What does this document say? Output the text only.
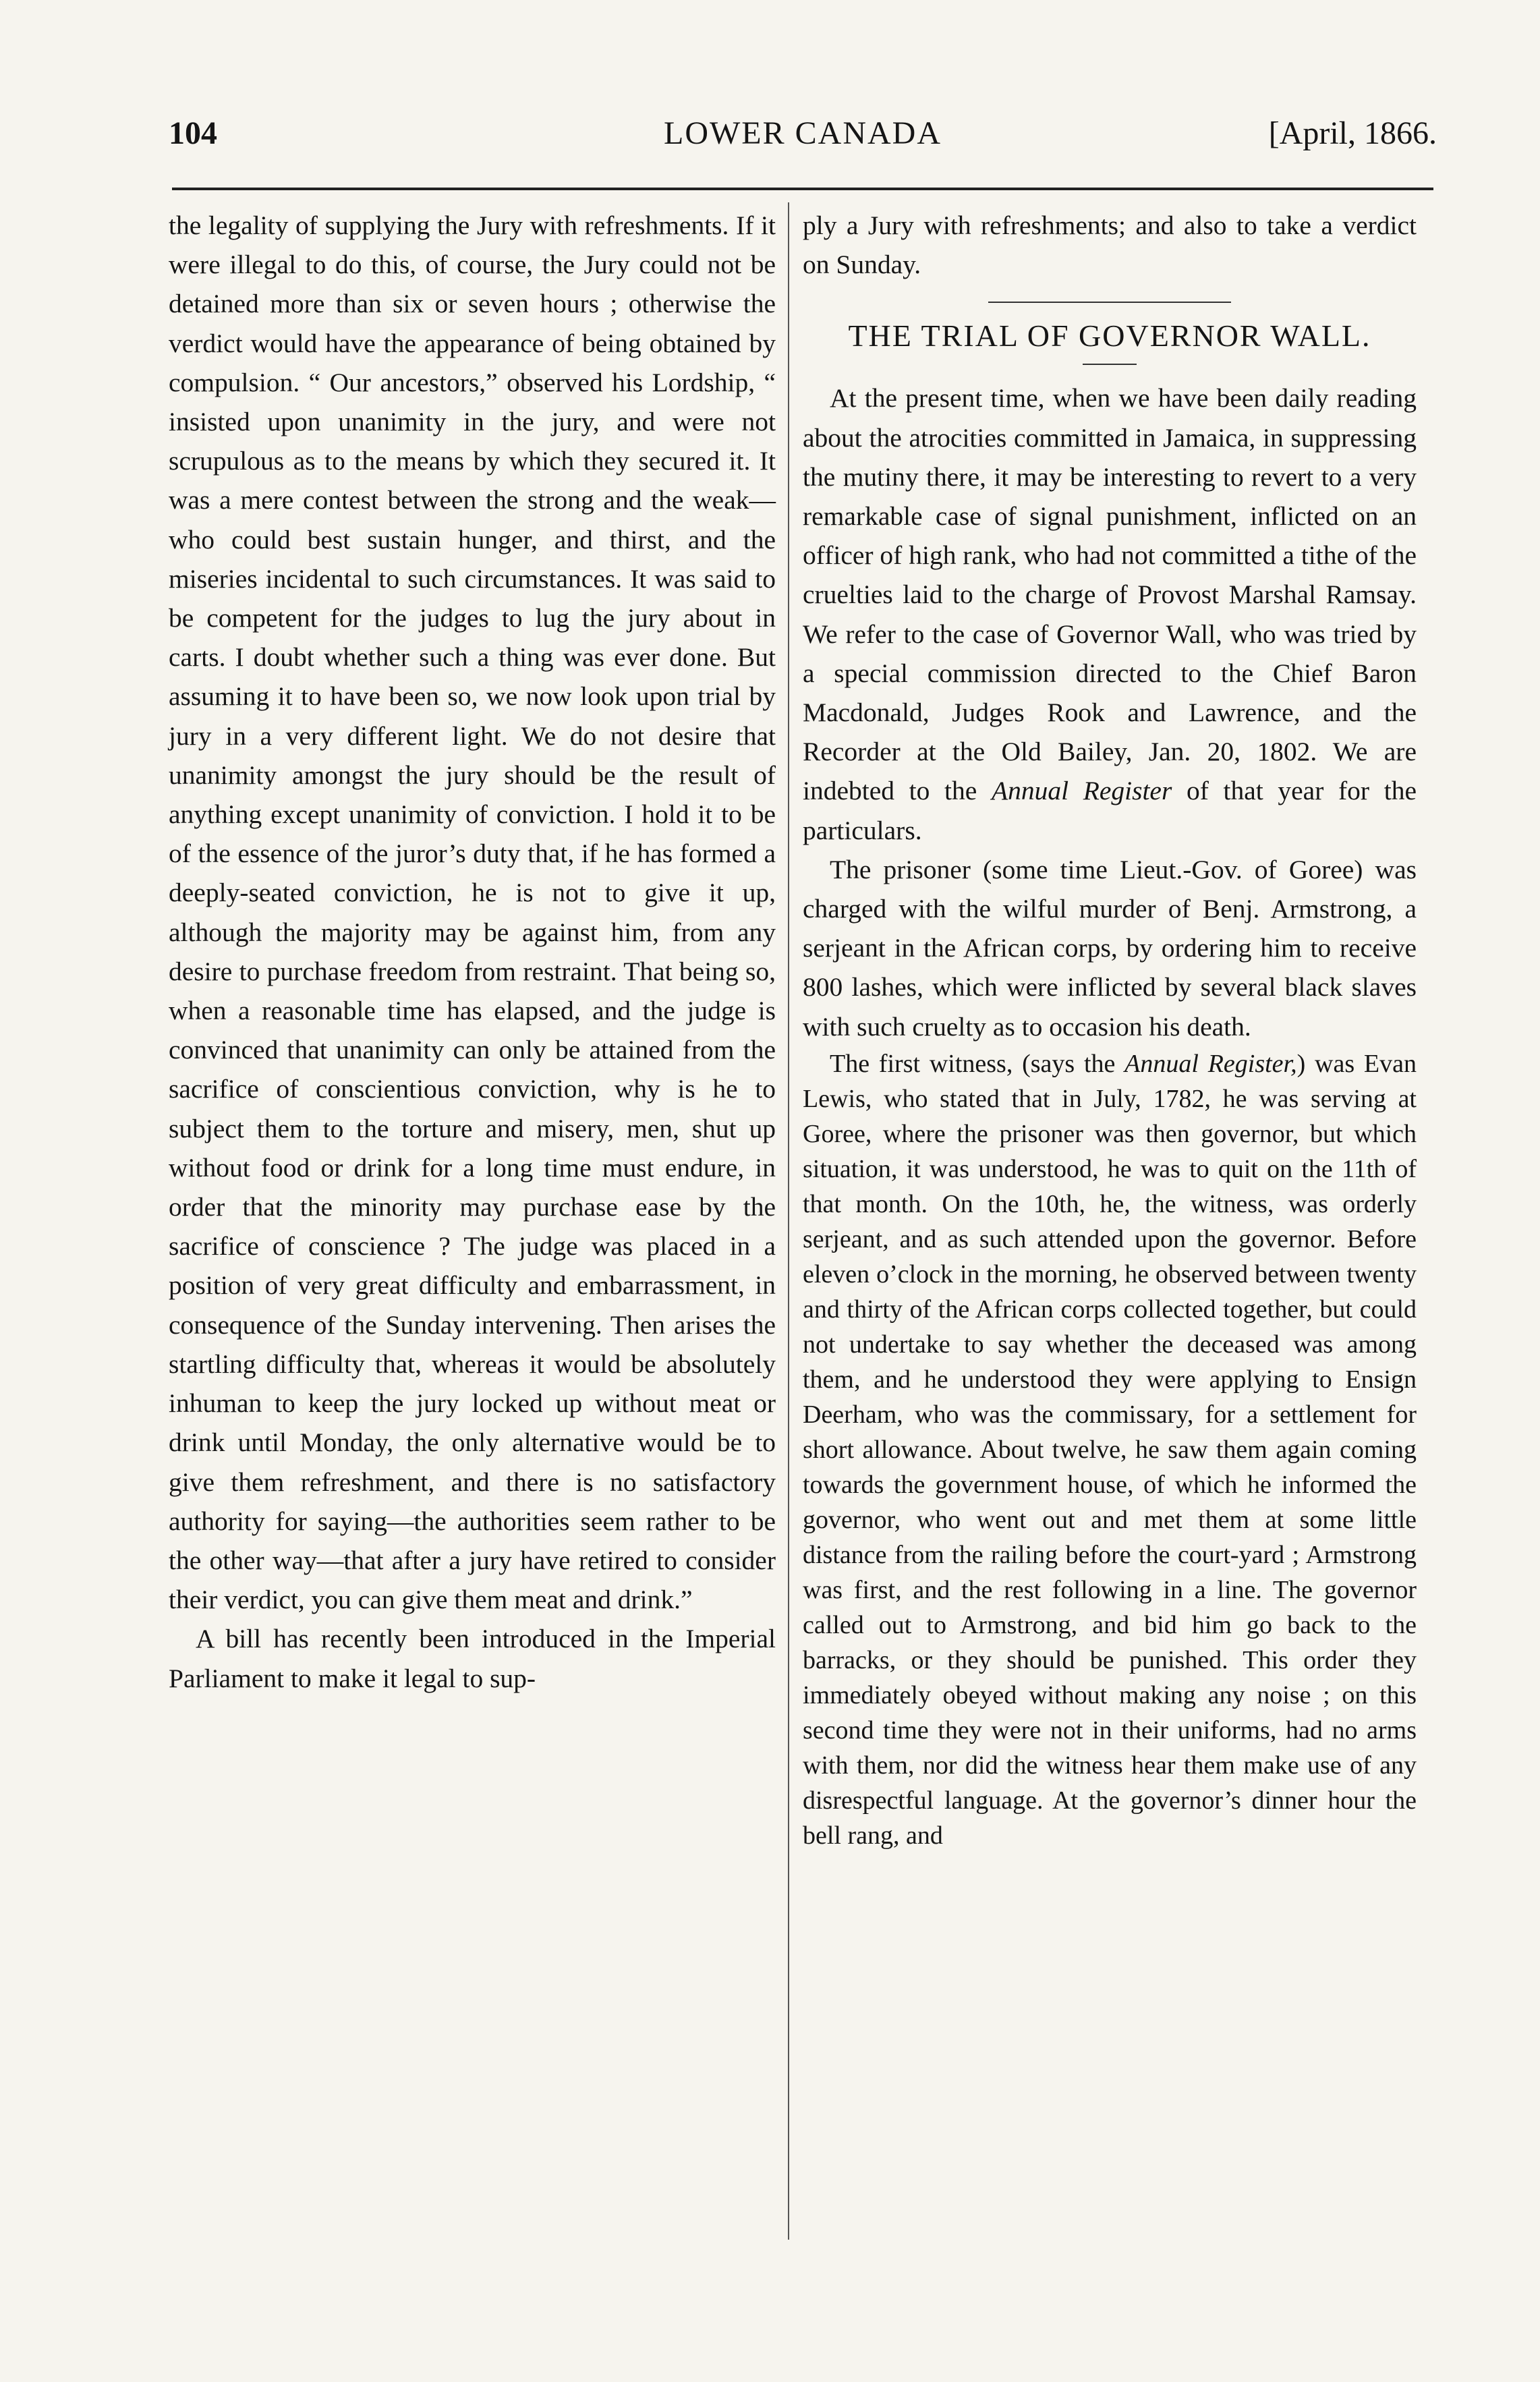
104	LOWER CANADA	[April, 1866.

the legality of supplying the Jury with refreshments. If it were illegal to do this, of course, the Jury could not be detained more than six or seven hours ; otherwise the verdict would have the appearance of being obtained by compulsion. “ Our ancestors,” observed his Lordship, “ insisted upon unanimity in the jury, and were not scrupulous as to the means by which they secured it. It was a mere contest between the strong and the weak—who could best sustain hunger, and thirst, and the miseries incidental to such circumstances. It was said to be competent for the judges to lug the jury about in carts. I doubt whether such a thing was ever done. But assuming it to have been so, we now look upon trial by jury in a very different light. We do not desire that unanimity amongst the jury should be the result of anything except unanimity of conviction. I hold it to be of the essence of the juror’s duty that, if he has formed a deeply-seated conviction, he is not to give it up, although the majority may be against him, from any desire to purchase freedom from restraint. That being so, when a reasonable time has elapsed, and the judge is convinced that unanimity can only be attained from the sacrifice of conscientious conviction, why is he to subject them to the torture and misery, men, shut up without food or drink for a long time must endure, in order that the minority may purchase ease by the sacrifice of conscience ? The judge was placed in a position of very great difficulty and embarrassment, in consequence of the Sunday intervening. Then arises the startling difficulty that, whereas it would be absolutely inhuman to keep the jury locked up without meat or drink until Monday, the only alternative would be to give them refreshment, and there is no satisfactory authority for saying—the authorities seem rather to be the other way—that after a jury have retired to consider their verdict, you can give them meat and drink.”

A bill has recently been introduced in the Imperial Parliament to make it legal to sup-

ply a Jury with refreshments; and also to take a verdict on Sunday.

THE TRIAL OF GOVERNOR WALL.

At the present time, when we have been daily reading about the atrocities committed in Jamaica, in suppressing the mutiny there, it may be interesting to revert to a very remarkable case of signal punishment, inflicted on an officer of high rank, who had not committed a tithe of the cruelties laid to the charge of Provost Marshal Ramsay. We refer to the case of Governor Wall, who was tried by a special commission directed to the Chief Baron Macdonald, Judges Rook and Lawrence, and the Recorder at the Old Bailey, Jan. 20, 1802. We are indebted to the Annual Register of that year for the particulars.

The prisoner (some time Lieut.-Gov. of Goree) was charged with the wilful murder of Benj. Armstrong, a serjeant in the African corps, by ordering him to receive 800 lashes, which were inflicted by several black slaves with such cruelty as to occasion his death.

The first witness, (says the Annual Register,) was Evan Lewis, who stated that in July, 1782, he was serving at Goree, where the prisoner was then governor, but which situation, it was understood, he was to quit on the 11th of that month. On the 10th, he, the witness, was orderly serjeant, and as such attended upon the governor. Before eleven o’clock in the morning, he observed between twenty and thirty of the African corps collected together, but could not undertake to say whether the deceased was among them, and he understood they were applying to Ensign Deerham, who was the commissary, for a settlement for short allowance. About twelve, he saw them again coming towards the government house, of which he informed the governor, who went out and met them at some little distance from the railing before the court-yard ; Armstrong was first, and the rest following in a line. The governor called out to Armstrong, and bid him go back to the barracks, or they should be punished. This order they immediately obeyed without making any noise ; on this second time they were not in their uniforms, had no arms with them, nor did the witness hear them make use of any disrespectful language. At the governor’s dinner hour the bell rang, and
